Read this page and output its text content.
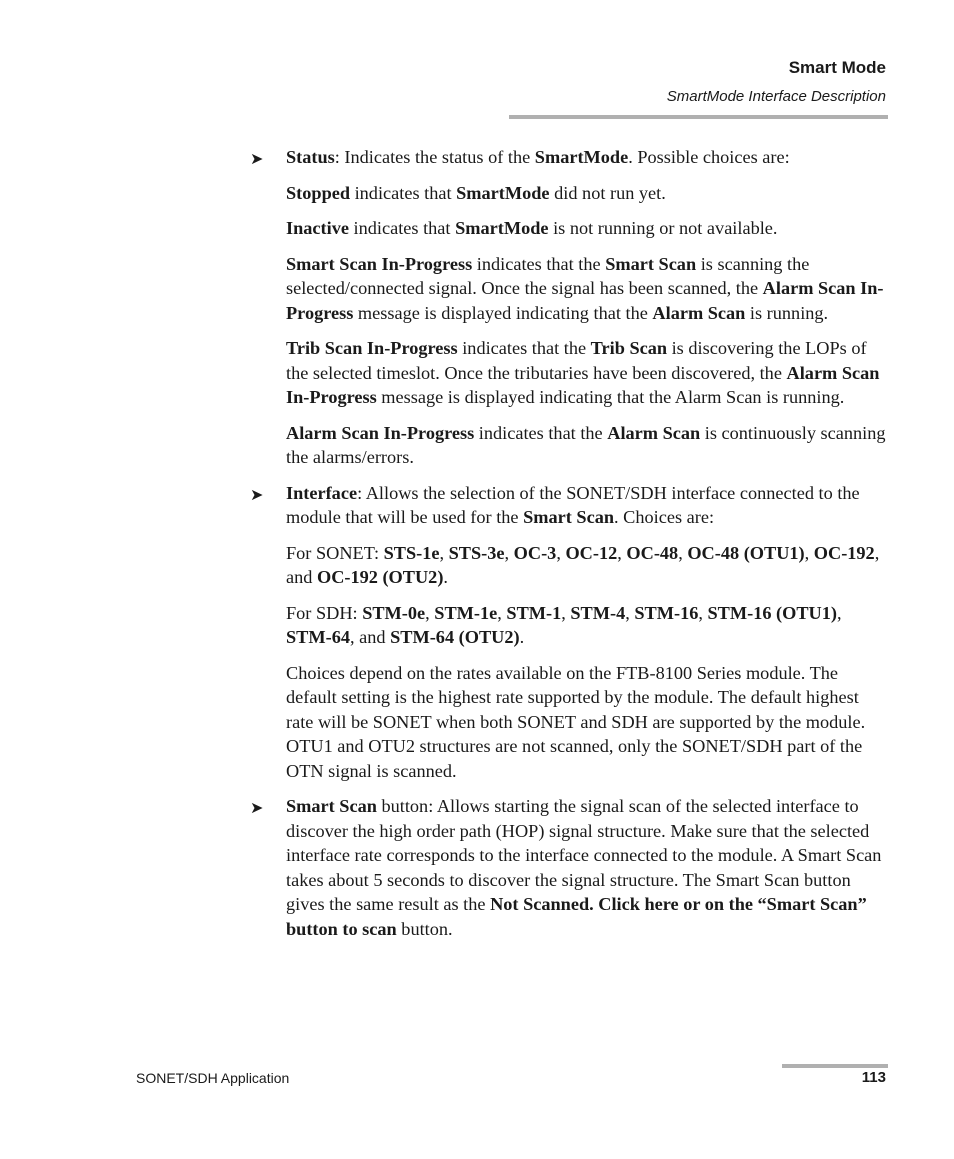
Smart Mode
SmartMode Interface Description
➤ Status: Indicates the status of the SmartMode. Possible choices are:

Stopped indicates that SmartMode did not run yet.

Inactive indicates that SmartMode is not running or not available.

Smart Scan In-Progress indicates that the Smart Scan is scanning the selected/connected signal. Once the signal has been scanned, the Alarm Scan In-Progress message is displayed indicating that the Alarm Scan is running.

Trib Scan In-Progress indicates that the Trib Scan is discovering the LOPs of the selected timeslot. Once the tributaries have been discovered, the Alarm Scan In-Progress message is displayed indicating that the Alarm Scan is running.

Alarm Scan In-Progress indicates that the Alarm Scan is continuously scanning the alarms/errors.

➤ Interface: Allows the selection of the SONET/SDH interface connected to the module that will be used for the Smart Scan. Choices are:

For SONET: STS-1e, STS-3e, OC-3, OC-12, OC-48, OC-48 (OTU1), OC-192, and OC-192 (OTU2).

For SDH: STM-0e, STM-1e, STM-1, STM-4, STM-16, STM-16 (OTU1), STM-64, and STM-64 (OTU2).

Choices depend on the rates available on the FTB-8100 Series module. The default setting is the highest rate supported by the module. The default highest rate will be SONET when both SONET and SDH are supported by the module. OTU1 and OTU2 structures are not scanned, only the SONET/SDH part of the OTN signal is scanned.

➤ Smart Scan button: Allows starting the signal scan of the selected interface to discover the high order path (HOP) signal structure. Make sure that the selected interface rate corresponds to the interface connected to the module. A Smart Scan takes about 5 seconds to discover the signal structure. The Smart Scan button gives the same result as the Not Scanned. Click here or on the “Smart Scan” button to scan button.
SONET/SDH Application	113
